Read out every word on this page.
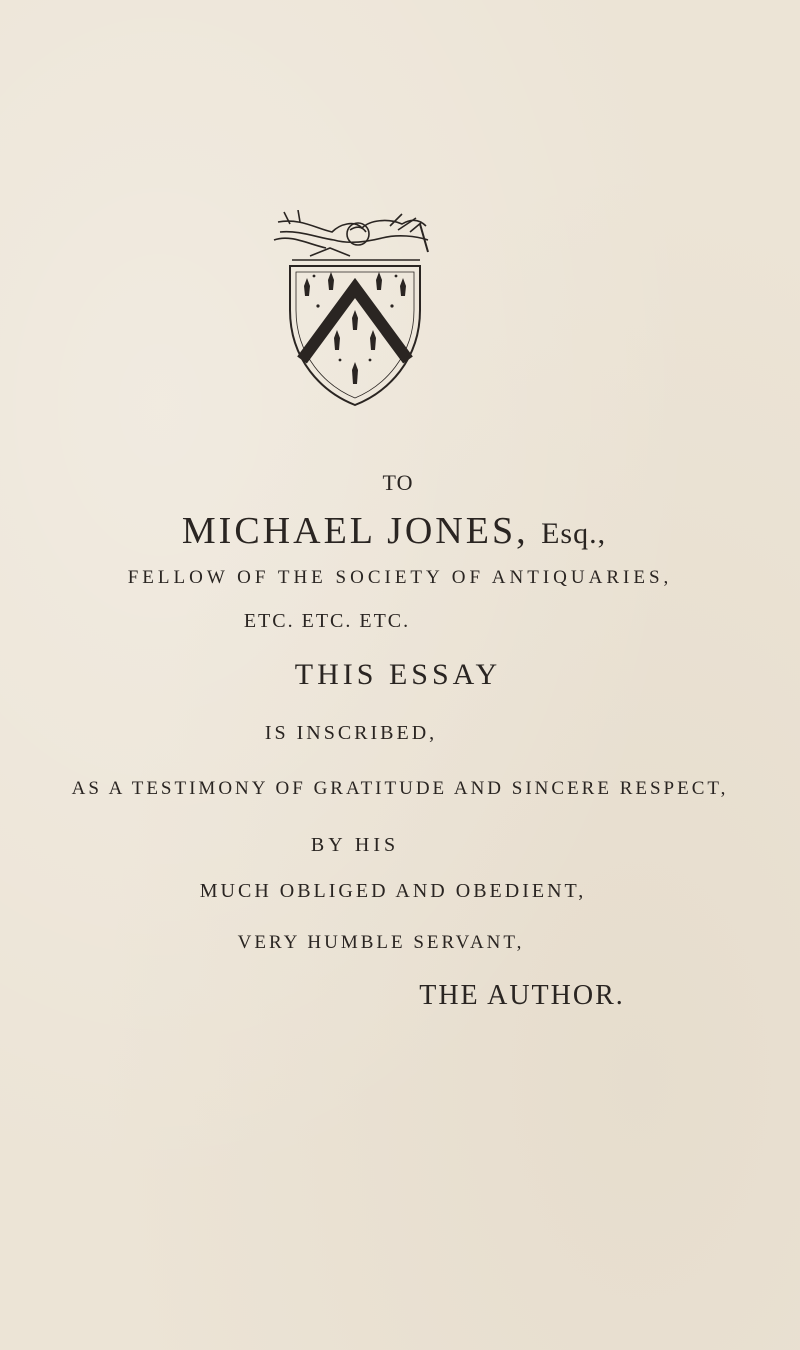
TO
MICHAEL JONES, Esq.,
FELLOW OF THE SOCIETY OF ANTIQUARIES,
ETC. ETC. ETC.
THIS ESSAY
IS INSCRIBED,
AS A TESTIMONY OF GRATITUDE AND SINCERE RESPECT,
BY HIS
MUCH OBLIGED AND OBEDIENT,
VERY HUMBLE SERVANT,
THE AUTHOR.
